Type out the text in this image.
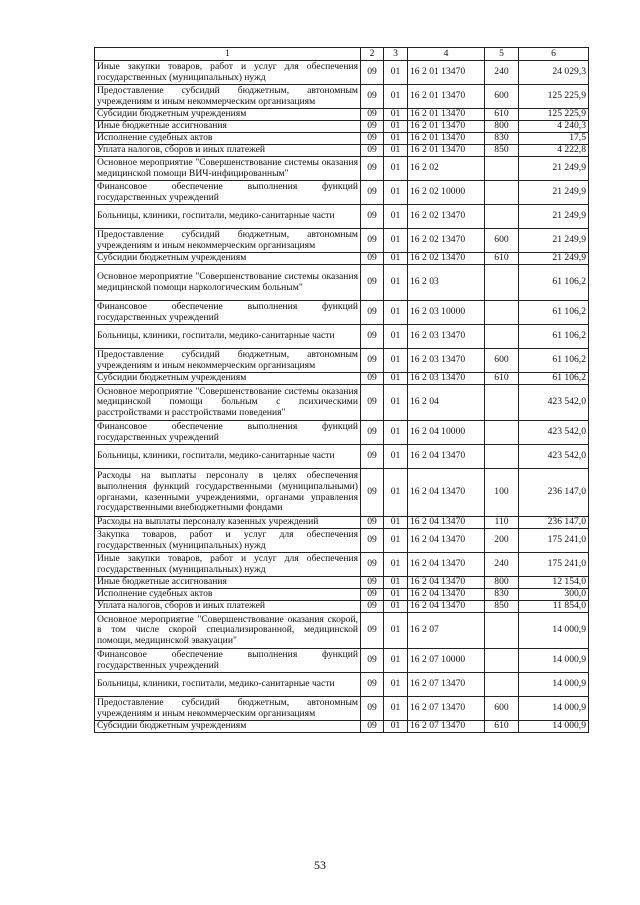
1	2	3	4	5	6
Иные закупки товаров, работ и услуг для обеспечения государственных (муниципальных) нужд	09	01	16 2 01 13470	240	24 029,3
Предоставление субсидий бюджетным, автономным учреждениям и иным некоммерческим организациям	09	01	16 2 01 13470	600	125 225,9
Субсидии бюджетным учреждениям	09	01	16 2 01 13470	610	125 225,9
Иные бюджетные ассигнования	09	01	16 2 01 13470	800	4 240,3
Исполнение судебных актов	09	01	16 2 01 13470	830	17,5
Уплата налогов, сборов и иных платежей	09	01	16 2 01 13470	850	4 222,8
Основное мероприятие "Совершенствование системы оказания медицинской помощи ВИЧ-инфицированным"	09	01	16 2 02		21 249,9
Финансовое обеспечение выполнения функций государственных учреждений	09	01	16 2 02 10000		21 249,9
Больницы, клиники, госпитали, медико-санитарные части	09	01	16 2 02 13470		21 249,9
Предоставление субсидий бюджетным, автономным учреждениям и иным некоммерческим организациям	09	01	16 2 02 13470	600	21 249,9
Субсидии бюджетным учреждениям	09	01	16 2 02 13470	610	21 249,9
Основное мероприятие "Совершенствование системы оказания медицинской помощи наркологическим больным"	09	01	16 2 03		61 106,2
Финансовое обеспечение выполнения функций государственных учреждений	09	01	16 2 03 10000		61 106,2
Больницы, клиники, госпитали, медико-санитарные части	09	01	16 2 03 13470		61 106,2
Предоставление субсидий бюджетным, автономным учреждениям и иным некоммерческим организациям	09	01	16 2 03 13470	600	61 106,2
Субсидии бюджетным учреждениям	09	01	16 2 03 13470	610	61 106,2
Основное мероприятие "Совершенствование системы оказания медицинской помощи больным с психическими расстройствами и расстройствами поведения"	09	01	16 2 04		423 542,0
Финансовое обеспечение выполнения функций государственных учреждений	09	01	16 2 04 10000		423 542,0
Больницы, клиники, госпитали, медико-санитарные части	09	01	16 2 04 13470		423 542,0
Расходы на выплаты персоналу в целях обеспечения выполнения функций государственными (муниципальными) органами, казенными учреждениями, органами управления государственными внебюджетными фондами	09	01	16 2 04 13470	100	236 147,0
Расходы на выплаты персоналу казенных учреждений	09	01	16 2 04 13470	110	236 147,0
Закупка товаров, работ и услуг для обеспечения государственных (муниципальных) нужд	09	01	16 2 04 13470	200	175 241,0
Иные закупки товаров, работ и услуг для обеспечения государственных (муниципальных) нужд	09	01	16 2 04 13470	240	175 241,0
Иные бюджетные ассигнования	09	01	16 2 04 13470	800	12 154,0
Исполнение судебных актов	09	01	16 2 04 13470	830	300,0
Уплата налогов, сборов и иных платежей	09	01	16 2 04 13470	850	11 854,0
Основное мероприятие "Совершенствование оказания скорой, в том числе скорой специализированной, медицинской помощи, медицинской эвакуации"	09	01	16 2 07		14 000,9
Финансовое обеспечение выполнения функций государственных учреждений	09	01	16 2 07 10000		14 000,9
Больницы, клиники, госпитали, медико-санитарные части	09	01	16 2 07 13470		14 000,9
Предоставление субсидий бюджетным, автономным учреждениям и иным некоммерческим организациям	09	01	16 2 07 13470	600	14 000,9
Субсидии бюджетным учреждениям	09	01	16 2 07 13470	610	14 000,9
53
